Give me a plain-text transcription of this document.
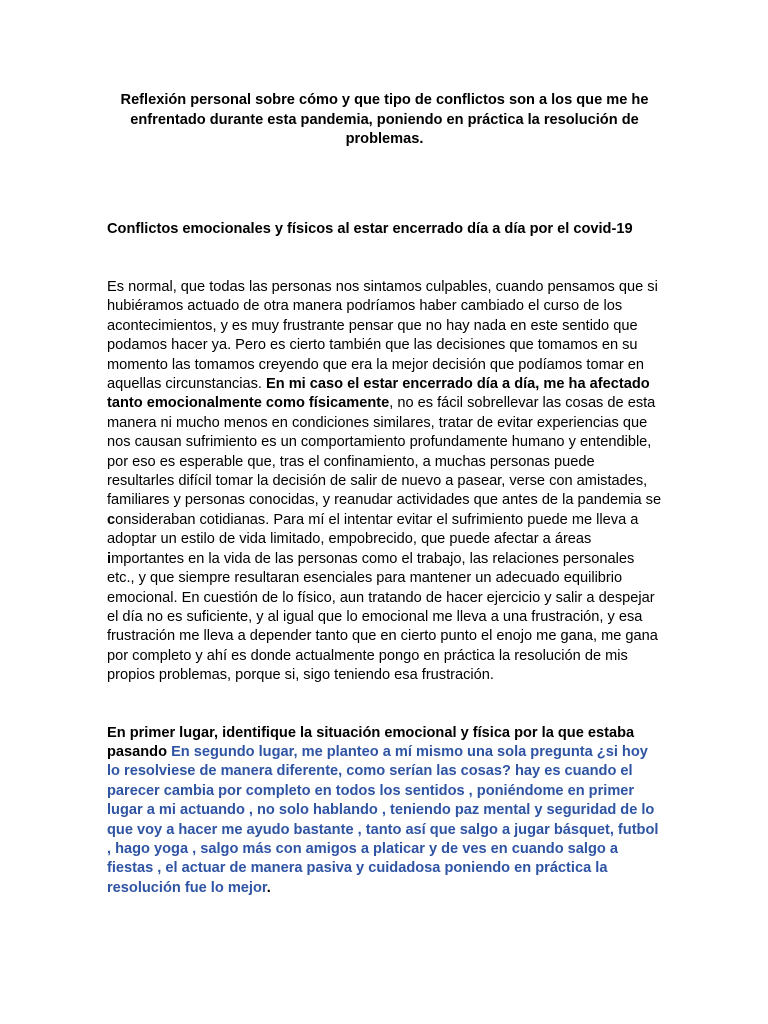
Reflexión personal sobre cómo y que tipo de conflictos son a los que me he enfrentado durante esta pandemia, poniendo en práctica la resolución de problemas.
Conflictos emocionales y físicos al estar encerrado día a día por el covid-19

Es normal, que todas las personas nos sintamos culpables, cuando pensamos que si hubiéramos actuado de otra manera podríamos haber cambiado el curso de los acontecimientos, y es muy frustrante pensar que no hay nada en este sentido que podamos hacer ya. Pero es cierto también que las decisiones que tomamos en su momento las tomamos creyendo que era la mejor decisión que podíamos tomar en aquellas circunstancias. En mi caso el estar encerrado día a día, me ha afectado tanto emocionalmente como físicamente, no es fácil sobrellevar las cosas de esta manera ni mucho menos en condiciones similares, tratar de evitar experiencias que nos causan sufrimiento es un comportamiento profundamente humano y entendible, por eso es esperable que, tras el confinamiento, a muchas personas puede resultarles difícil tomar la decisión de salir de nuevo a pasear, verse con amistades, familiares y personas conocidas, y reanudar actividades que antes de la pandemia se consideraban cotidianas. Para mí el intentar evitar el sufrimiento puede me lleva a adoptar un estilo de vida limitado, empobrecido, que puede afectar a áreas importantes en la vida de las personas como el trabajo, las relaciones personales etc., y que siempre resultaran esenciales para mantener un adecuado equilibrio emocional. En cuestión de lo físico, aun tratando de hacer ejercicio y salir a despejar el día no es suficiente, y al igual que lo emocional me lleva a una frustración, y esa frustración me lleva a depender tanto que en cierto punto el enojo me gana, me gana por completo y ahí es donde actualmente pongo en práctica la resolución de mis propios problemas, porque si, sigo teniendo esa frustración.

En primer lugar, identifique la situación emocional y física por la que estaba pasando En segundo lugar, me planteo a mí mismo una sola pregunta ¿si hoy lo resolviese de manera diferente, como serían las cosas? hay es cuando el parecer cambia por completo en todos los sentidos , poniéndome en primer lugar a mi actuando , no solo hablando , teniendo paz mental y seguridad de lo que voy a hacer me ayudo bastante , tanto así que salgo a jugar básquet, futbol , hago yoga , salgo más con amigos a platicar y de ves en cuando salgo a fiestas , el actuar de manera pasiva y cuidadosa poniendo en práctica la resolución fue lo mejor.
